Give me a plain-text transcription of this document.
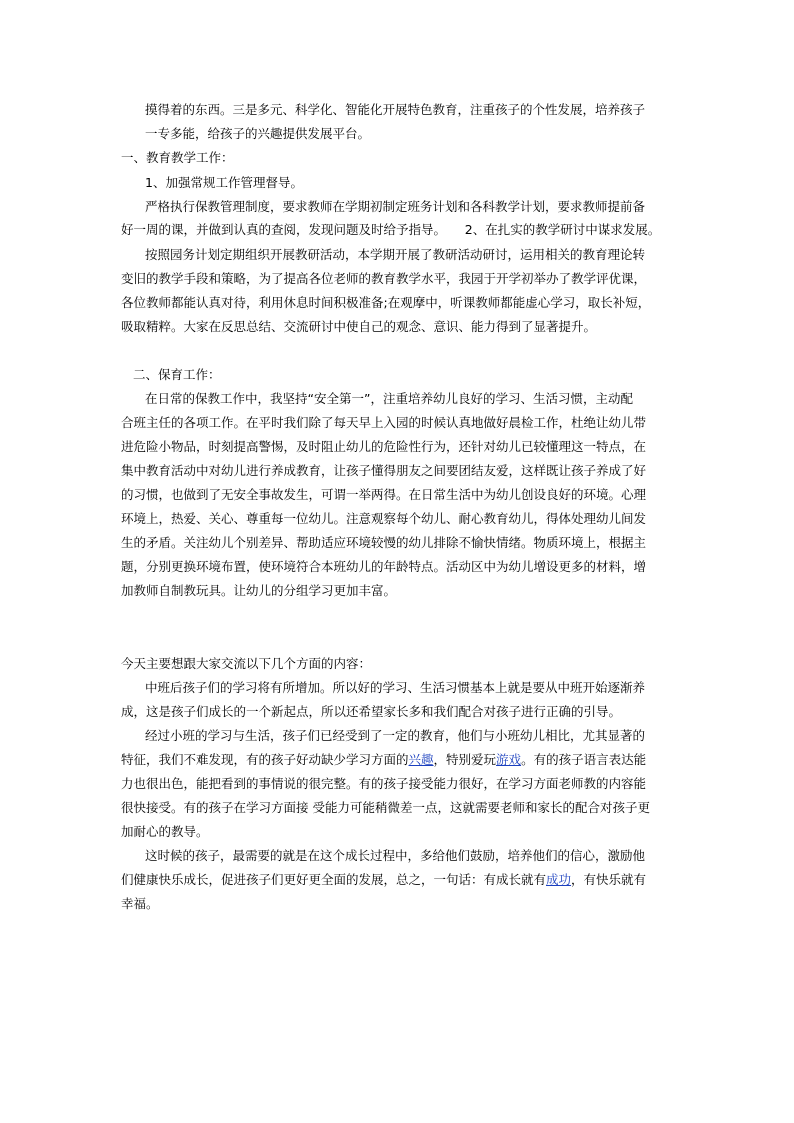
摸得着的东西。三是多元、科学化、智能化开展特色教育，注重孩子的个性发展，培养孩子
一专多能，给孩子的兴趣提供发展平台。
一、教育教学工作：
1、加强常规工作管理督导。
严格执行保教管理制度，要求教师在学期初制定班务计划和各科教学计划，要求教师提前备
好一周的课，并做到认真的查阅，发现问题及时给予指导。　　2、在扎实的教学研讨中谋求发展。
按照园务计划定期组织开展教研活动，本学期开展了教研活动研讨，运用相关的教育理论转
变旧的教学手段和策略，为了提高各位老师的教育教学水平，我园于开学初举办了教学评优课，
各位教师都能认真对待，利用休息时间积极准备;在观摩中，听课教师都能虚心学习，取长补短，
吸取精粹。大家在反思总结、交流研讨中使自己的观念、意识、能力得到了显著提升。
二、保育工作：
在日常的保教工作中，我坚持“安全第一”，注重培养幼儿良好的学习、生活习惯，主动配
合班主任的各项工作。在平时我们除了每天早上入园的时候认真地做好晨检工作，杜绝让幼儿带
进危险小物品，时刻提高警惕，及时阻止幼儿的危险性行为，还针对幼儿已较懂理这一特点，在
集中教育活动中对幼儿进行养成教育，让孩子懂得朋友之间要团结友爱，这样既让孩子养成了好
的习惯，也做到了无安全事故发生，可谓一举两得。在日常生活中为幼儿创设良好的环境。心理
环境上，热爱、关心、尊重每一位幼儿。注意观察每个幼儿、耐心教育幼儿，得体处理幼儿间发
生的矛盾。关注幼儿个别差异、帮助适应环境较慢的幼儿排除不愉快情绪。物质环境上，根据主
题，分别更换环境布置，使环境符合本班幼儿的年龄特点。活动区中为幼儿增设更多的材料，增
加教师自制教玩具。让幼儿的分组学习更加丰富。
今天主要想跟大家交流以下几个方面的内容：
中班后孩子们的学习将有所增加。所以好的学习、生活习惯基本上就是要从中班开始逐渐养
成，这是孩子们成长的一个新起点，所以还希望家长多和我们配合对孩子进行正确的引导。
经过小班的学习与生活，孩子们已经受到了一定的教育，他们与小班幼儿相比，尤其显著的
特征，我们不难发现，有的孩子好动缺少学习方面的兴趣，特别爱玩游戏。有的孩子语言表达能
力也很出色，能把看到的事情说的很完整。有的孩子接受能力很好，在学习方面老师教的内容能
很快接受。有的孩子在学习方面接 受能力可能稍微差一点，这就需要老师和家长的配合对孩子更
加耐心的教导。
这时候的孩子，最需要的就是在这个成长过程中，多给他们鼓励，培养他们的信心，激励他
们健康快乐成长，促进孩子们更好更全面的发展，总之，一句话：有成长就有成功，有快乐就有
幸福。
